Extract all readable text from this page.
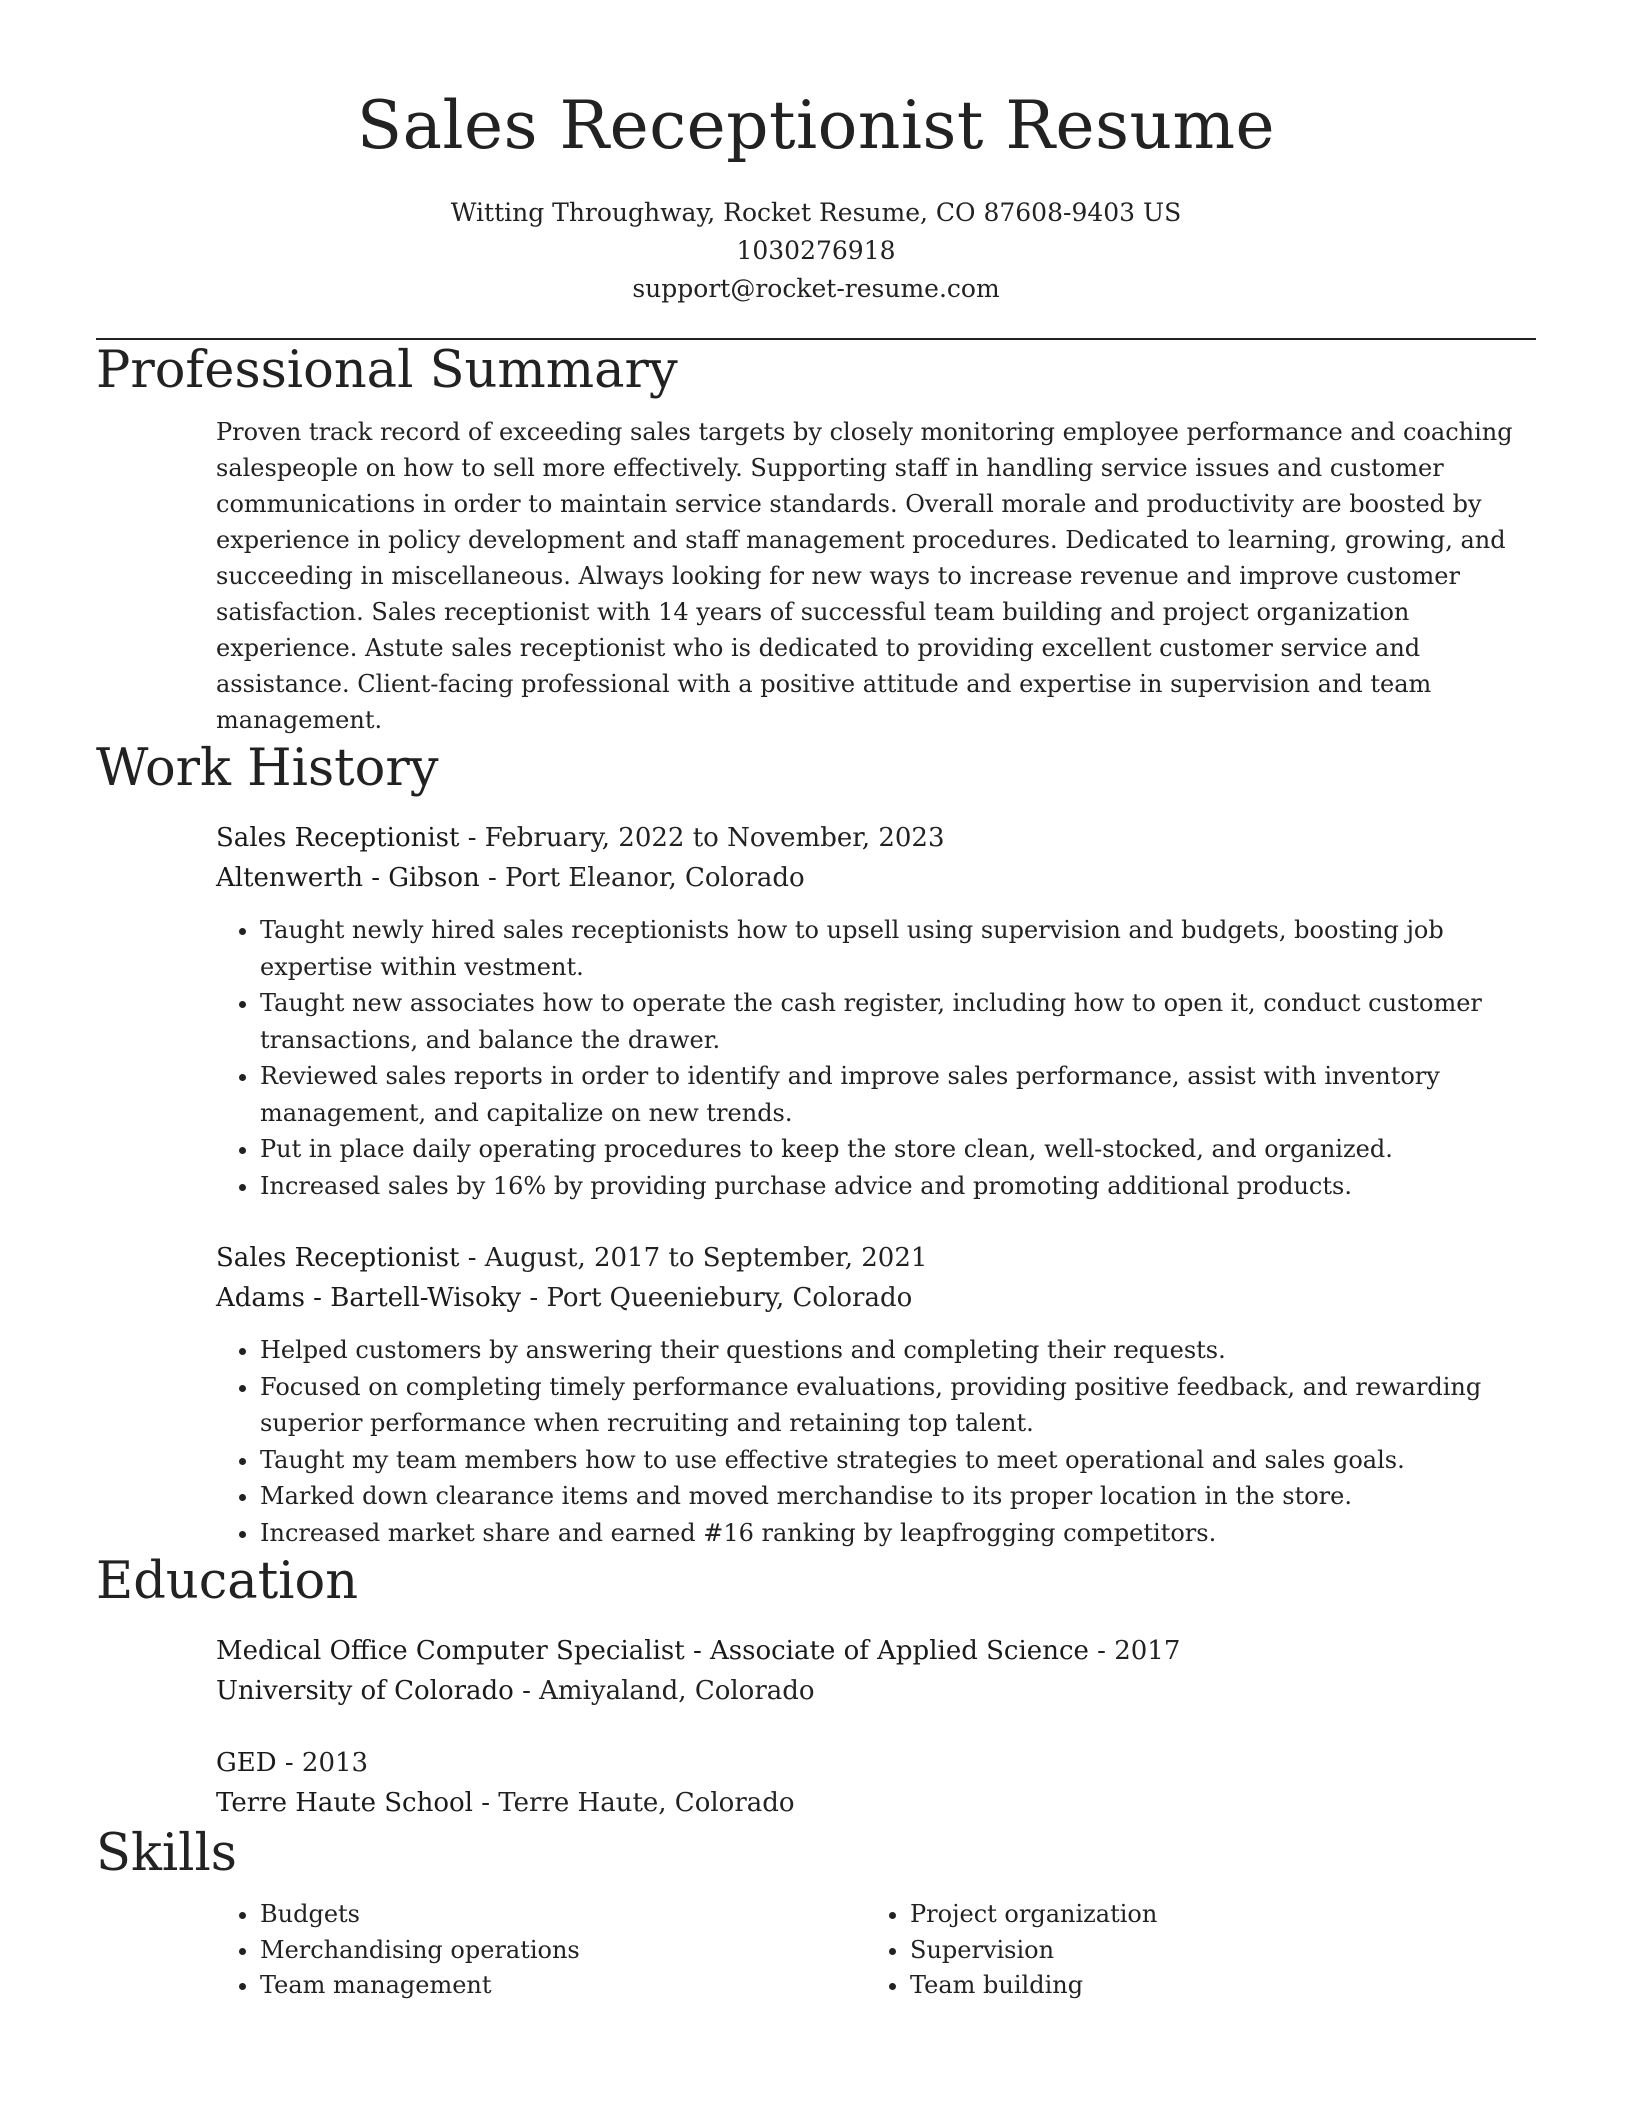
Sales Receptionist Resume
Witting Throughway, Rocket Resume, CO 87608-9403 US
1030276918
support@rocket-resume.com
Professional Summary
Proven track record of exceeding sales targets by closely monitoring employee performance and coaching salespeople on how to sell more effectively. Supporting staff in handling service issues and customer communications in order to maintain service standards. Overall morale and productivity are boosted by experience in policy development and staff management procedures. Dedicated to learning, growing, and succeeding in miscellaneous. Always looking for new ways to increase revenue and improve customer satisfaction. Sales receptionist with 14 years of successful team building and project organization experience. Astute sales receptionist who is dedicated to providing excellent customer service and assistance. Client-facing professional with a positive attitude and expertise in supervision and team management.
Work History
Sales Receptionist - February, 2022 to November, 2023
Altenwerth - Gibson - Port Eleanor, Colorado
• Taught newly hired sales receptionists how to upsell using supervision and budgets, boosting job expertise within vestment.
• Taught new associates how to operate the cash register, including how to open it, conduct customer transactions, and balance the drawer.
• Reviewed sales reports in order to identify and improve sales performance, assist with inventory management, and capitalize on new trends.
• Put in place daily operating procedures to keep the store clean, well-stocked, and organized.
• Increased sales by 16% by providing purchase advice and promoting additional products.
Sales Receptionist - August, 2017 to September, 2021
Adams - Bartell-Wisoky - Port Queeniebury, Colorado
• Helped customers by answering their questions and completing their requests.
• Focused on completing timely performance evaluations, providing positive feedback, and rewarding superior performance when recruiting and retaining top talent.
• Taught my team members how to use effective strategies to meet operational and sales goals.
• Marked down clearance items and moved merchandise to its proper location in the store.
• Increased market share and earned #16 ranking by leapfrogging competitors.
Education
Medical Office Computer Specialist - Associate of Applied Science - 2017
University of Colorado - Amiyaland, Colorado
GED - 2013
Terre Haute School - Terre Haute, Colorado
Skills
• Budgets
• Merchandising operations
• Team management
• Project organization
• Supervision
• Team building
